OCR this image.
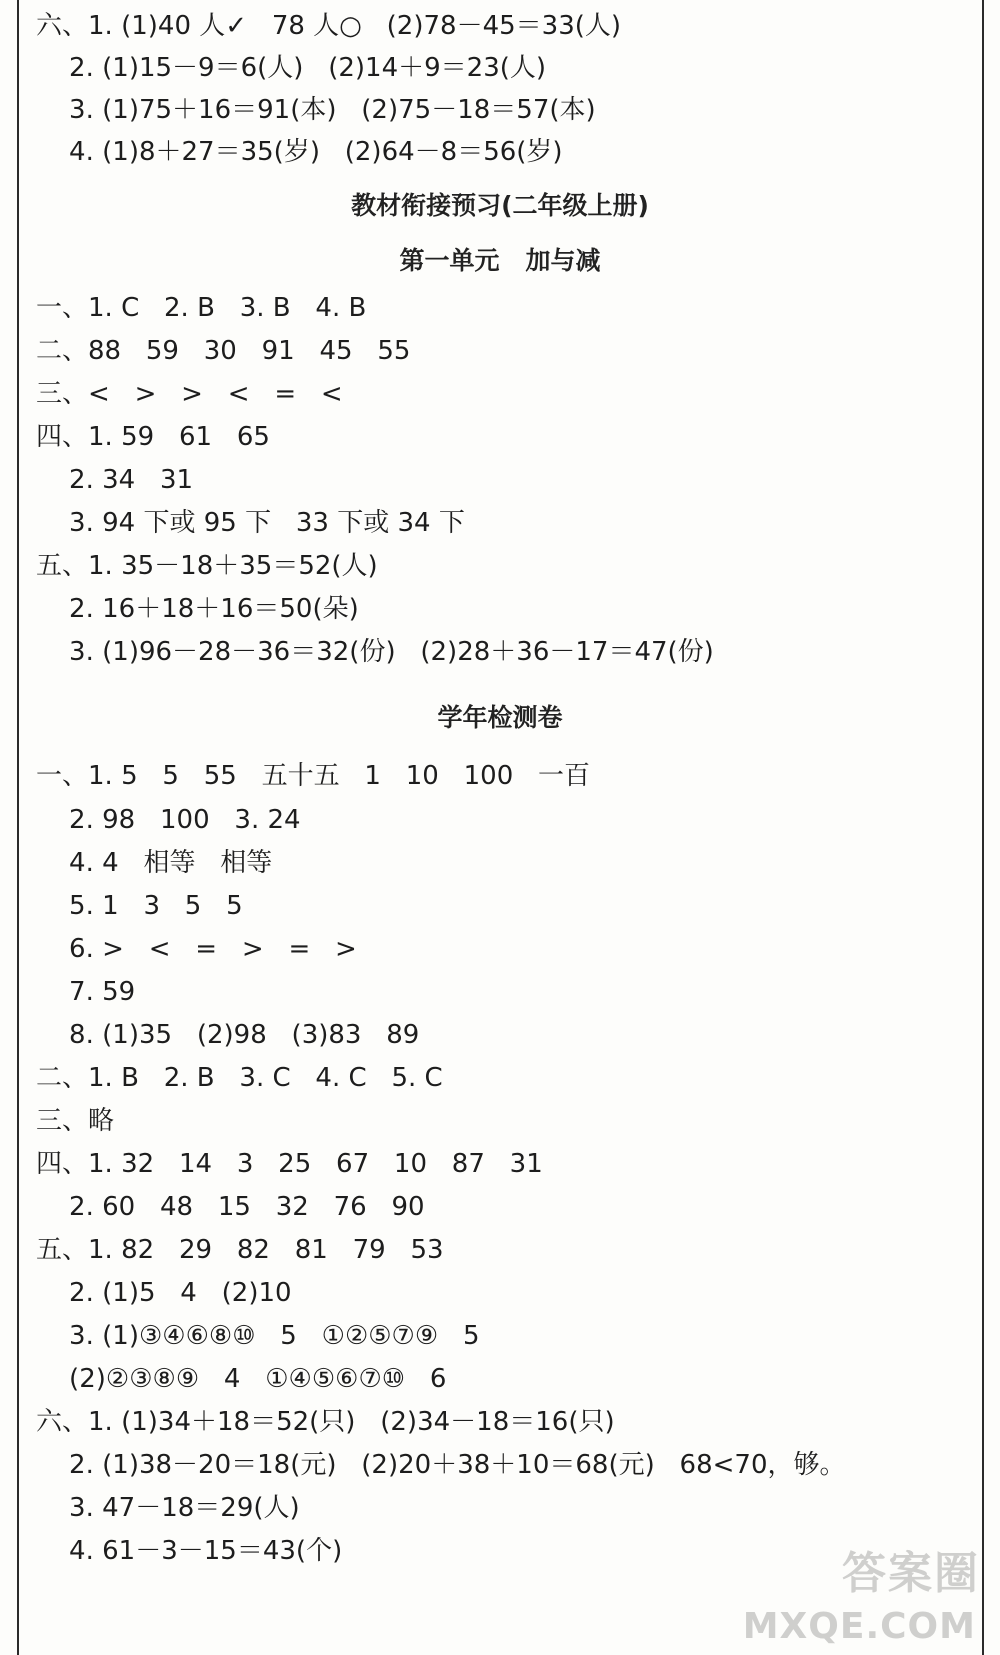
六、1. (1)40 人✓   78 人○   (2)78－45＝33(人)
2. (1)15－9＝6(人)   (2)14＋9＝23(人)
3. (1)75＋16＝91(本)   (2)75－18＝57(本)
4. (1)8＋27＝35(岁)   (2)64－8＝56(岁)
教材衔接预习(二年级上册)
第一单元   加与减
一、1. C   2. B   3. B   4. B
二、88   59   30   91   45   55
三、<   >   >   <   =   <
四、1. 59   61   65
2. 34   31
3. 94 下或 95 下   33 下或 34 下
五、1. 35－18＋35＝52(人)
2. 16＋18＋16＝50(朵)
3. (1)96－28－36＝32(份)   (2)28＋36－17＝47(份)
学年检测卷
一、1. 5   5   55   五十五   1   10   100   一百
2. 98   100   3. 24
4. 4   相等   相等
5. 1   3   5   5
6. >   <   =   >   =   >
7. 59
8. (1)35   (2)98   (3)83   89
二、1. B   2. B   3. C   4. C   5. C
三、略
四、1. 32   14   3   25   67   10   87   31
2. 60   48   15   32   76   90
五、1. 82   29   82   81   79   53
2. (1)5   4   (2)10
3. (1)③④⑥⑧⑩   5   ①②⑤⑦⑨   5
(2)②③⑧⑨   4   ①④⑤⑥⑦⑩   6
六、1. (1)34＋18＝52(只)   (2)34－18＝16(只)
2. (1)38－20＝18(元)   (2)20＋38＋10＝68(元)   68<70，够。
3. 47－18＝29(人)
4. 61－3－15＝43(个)	答案圈
MXQE.COM
